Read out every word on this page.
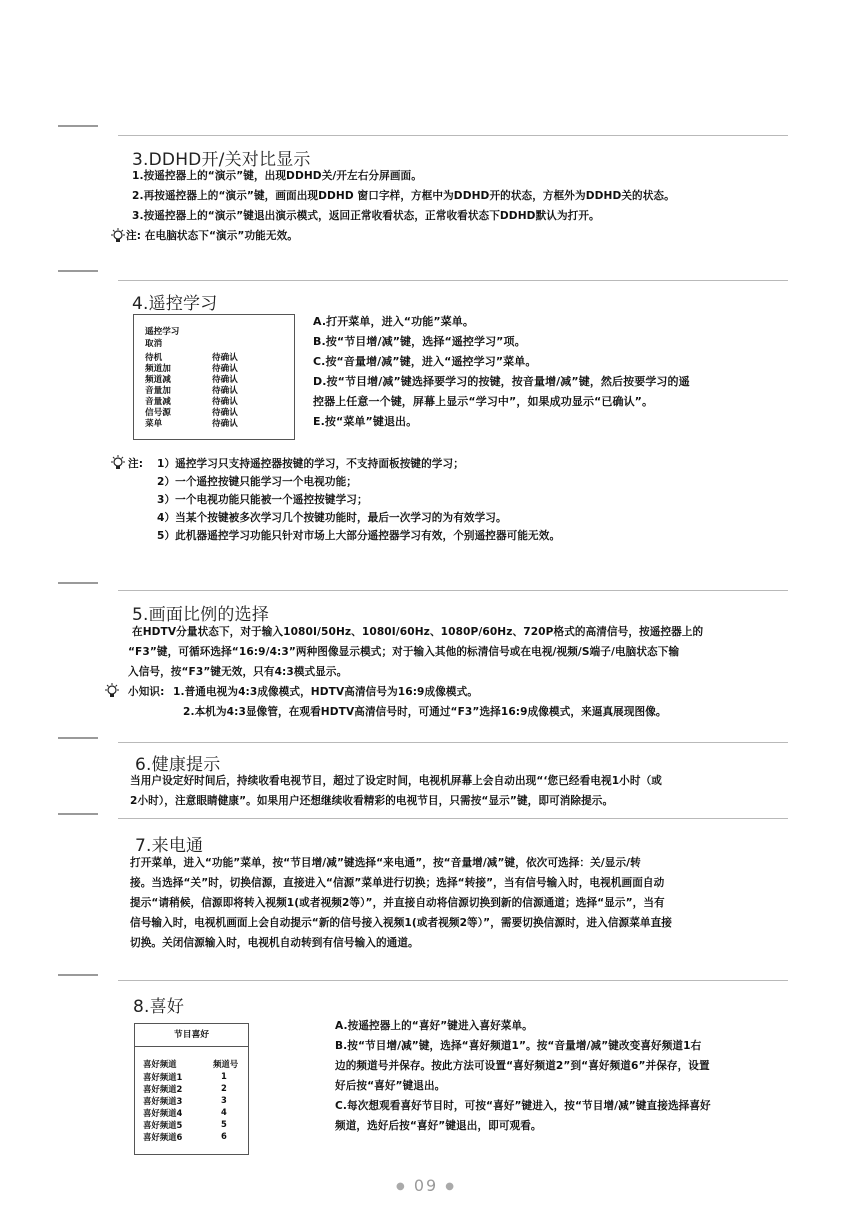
3.DDHD开/关对比显示
1.按遥控器上的“演示”键，出现DDHD关/开左右分屏画面。
2.再按遥控器上的“演示”键，画面出现DDHD 窗口字样，方框中为DDHD开的状态，方框外为DDHD关的状态。
3.按遥控器上的“演示”键退出演示模式，返回正常收看状态，正常收看状态下DDHD默认为打开。
注: 在电脑状态下“演示”功能无效。
4.遥控学习
遥控学习
取消
待机	待确认
频道加	待确认
频道减	待确认
音量加	待确认
音量减	待确认
信号源	待确认
菜单	待确认
A.打开菜单，进入“功能”菜单。
B.按“节目增/减”键，选择“遥控学习”项。
C.按“音量增/减”键，进入“遥控学习”菜单。
D.按“节目增/减”键选择要学习的按键，按音量增/减”键，然后按要学习的遥
控器上任意一个键，屏幕上显示“学习中”，如果成功显示“已确认”。
E.按“菜单”键退出。
注: 1）遥控学习只支持遥控器按键的学习，不支持面板按键的学习；
2）一个遥控按键只能学习一个电视功能；
3）一个电视功能只能被一个遥控按键学习；
4）当某个按键被多次学习几个按键功能时，最后一次学习的为有效学习。
5）此机器遥控学习功能只针对市场上大部分遥控器学习有效，个别遥控器可能无效。
5.画面比例的选择
在HDTV分量状态下，对于输入1080I/50Hz、1080I/60Hz、1080P/60Hz、720P格式的高清信号，按遥控器上的
“F3”键，可循环选择“16:9/4:3”两种图像显示模式；对于输入其他的标清信号或在电视/视频/S端子/电脑状态下输
入信号，按“F3”键无效，只有4:3模式显示。
小知识: 1.普通电视为4:3成像模式，HDTV高清信号为16:9成像模式。
2.本机为4:3显像管，在观看HDTV高清信号时，可通过“F3”选择16:9成像模式，来逼真展现图像。
6.健康提示
当用户设定好时间后，持续收看电视节目，超过了设定时间，电视机屏幕上会自动出现“‘您已经看电视1小时（或
2小时），注意眼睛健康”。如果用户还想继续收看精彩的电视节目，只需按“显示”键，即可消除提示。
7.来电通
打开菜单，进入“功能”菜单，按“节目增/减”键选择“来电通”，按“音量增/减”键，依次可选择：关/显示/转
接。当选择“关”时，切换信源，直接进入“信源”菜单进行切换；选择“转接”，当有信号输入时，电视机画面自动
提示“请稍候，信源即将转入视频1(或者视频2等）”，并直接自动将信源切换到新的信源通道；选择“显示”，当有
信号输入时，电视机画面上会自动提示“新的信号接入视频1(或者视频2等）”，需要切换信源时，进入信源菜单直接
切换。关闭信源输入时，电视机自动转到有信号输入的通道。
8.喜好
节目喜好
喜好频道	频道号
喜好频道1	1
喜好频道2	2
喜好频道3	3
喜好频道4	4
喜好频道5	5
喜好频道6	6
A.按遥控器上的“喜好”键进入喜好菜单。
B.按“节目增/减”键，选择“喜好频道1”。按“音量增/减”键改变喜好频道1右
边的频道号并保存。按此方法可设置“喜好频道2”到“喜好频道6”并保存，设置
好后按“喜好”键退出。
C.每次想观看喜好节目时，可按“喜好”键进入，按“节目增/减”键直接选择喜好
频道，选好后按“喜好”键退出，即可观看。
● 09 ●
